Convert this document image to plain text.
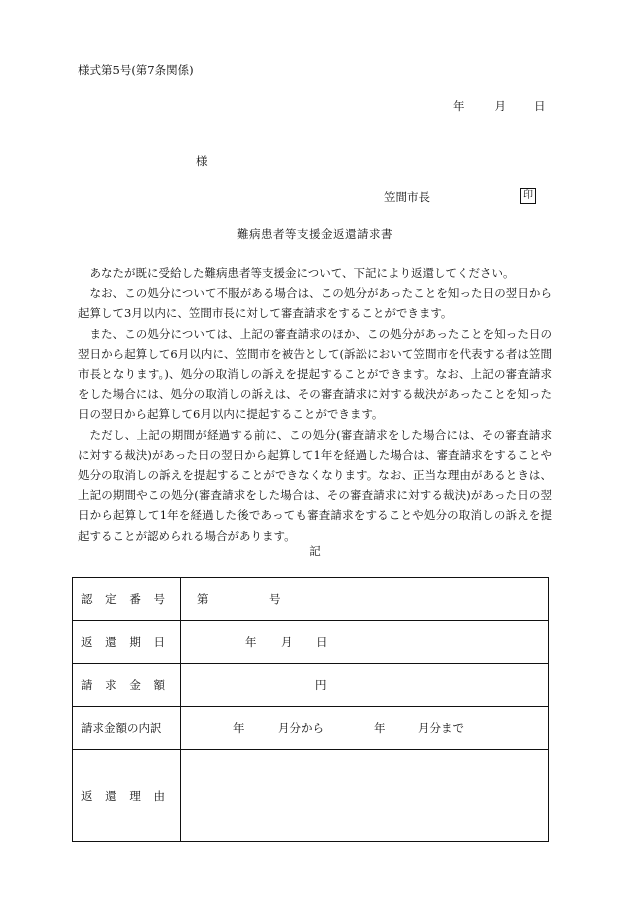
様式第5号(第7条関係)
年	月 日
様
笠間市長	印
難病患者等支援金返還請求書

あなたが既に受給した難病患者等支援金について、下記により返還してください。

なお、この処分について不服がある場合は、この処分があったことを知った日の翌日から起算して3月以内に、笠間市長に対して審査請求をすることができます。

また、この処分については、上記の審査請求のほか、この処分があったことを知った日の翌日から起算して6月以内に、笠間市を被告として(訴訟において笠間市を代表する者は笠間市長となります。)、処分の取消しの訴えを提起することができます。なお、上記の審査請求をした場合には、処分の取消しの訴えは、その審査請求に対する裁決があったことを知った日の翌日から起算して6月以内に提起することができます。

ただし、上記の期間が経過する前に、この処分(審査請求をした場合には、その審査請求に対する裁決)があった日の翌日から起算して1年を経過した場合は、審査請求をすることや処分の取消しの訴えを提起することができなくなります。なお、正当な理由があるときは、上記の期間やこの処分(審査請求をした場合は、その審査請求に対する裁決)があった日の翌日から起算して1年を経過した後であっても審査請求をすることや処分の取消しの訴えを提起することが認められる場合があります。

記
認 定 番 号	第 号

返 還 期 日	年 月 日

請 求 金 額	円

請求金額の内訳	年 月分から 年 月分まで

返 還 理 由	
